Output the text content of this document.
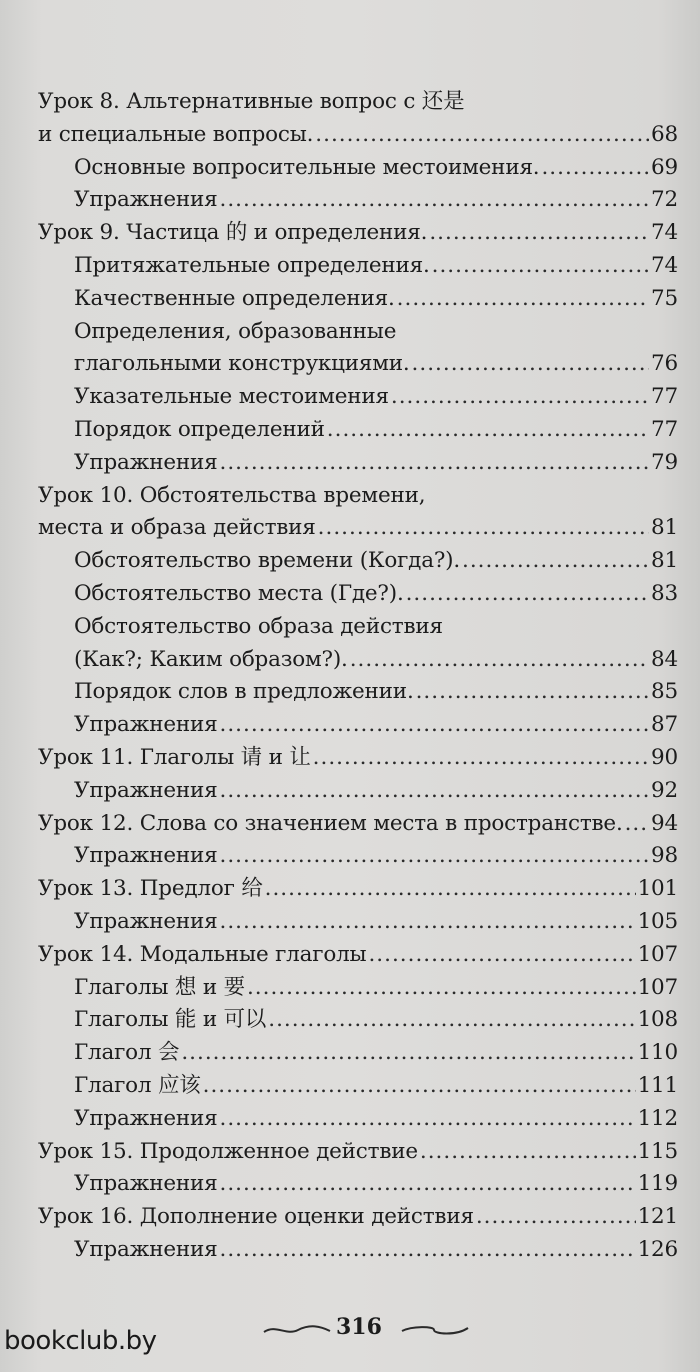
Урок 8. Альтернативные вопрос с 还是
и специальные вопросы. .....	68
Основные вопросительные местоимения. .....	69
Упражнения .....	72
Урок 9. Частица 的 и определения. .....	74
Притяжательные определения. .....	74
Качественные определения. .....	75
Определения, образованные
глагольными конструкциями. .....	76
Указательные местоимения .....	77
Порядок определений .....	77
Упражнения .....	79
Урок 10. Обстоятельства времени,
места и образа действия .....	81
Обстоятельство времени (Когда?). .....	81
Обстоятельство места (Где?). .....	83
Обстоятельство образа действия
(Как?; Каким образом?). .....	84
Порядок слов в предложении. .....	85
Упражнения .....	87
Урок 11. Глаголы 请 и 让 .....	90
Упражнения .....	92
Урок 12. Слова со значением места в пространстве. ..... 94
Упражнения .....	98
Урок 13. Предлог 给 .....	101
Упражнения .....	105
Урок 14. Модальные глаголы .....	107
Глаголы 想 и 要 .....	107
Глаголы 能 и 可以 .....	108
Глагол 会 .....	110
Глагол 应该 .....	111
Упражнения .....	112
Урок 15. Продолженное действие .....	115
Упражнения .....	119
Урок 16. Дополнение оценки действия .....	121
Упражнения .....	126
316
bookclub.by
